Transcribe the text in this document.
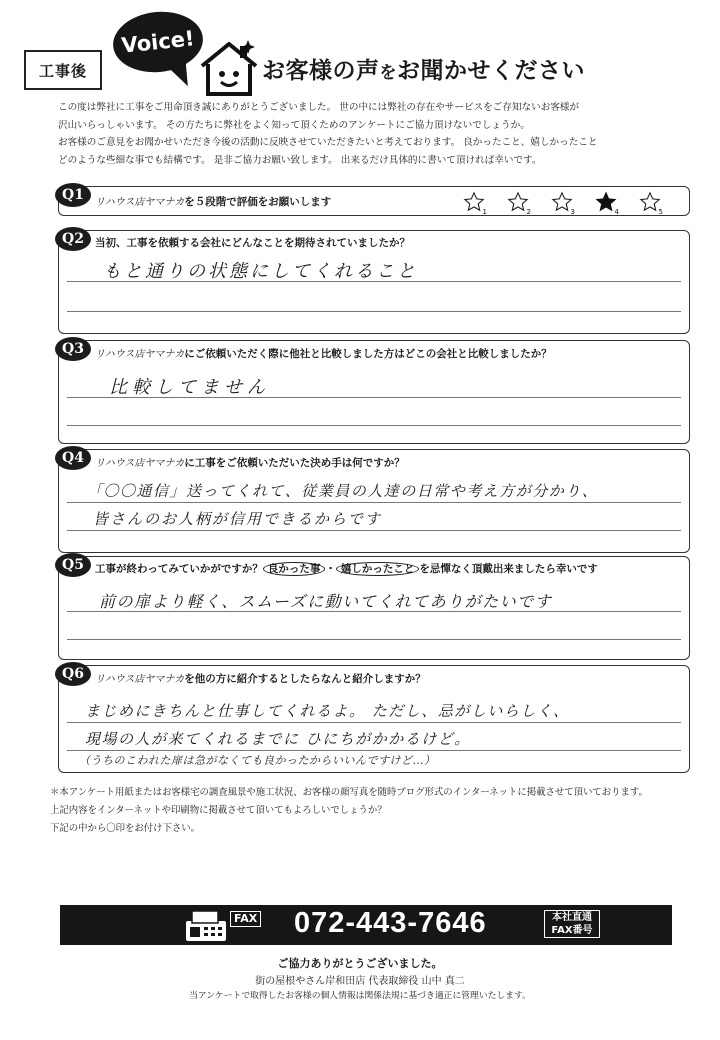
工事後
Voice!
お客様の声をお聞かせください

この度は弊社に工事をご用命頂き誠にありがとうございました。 世の中には弊社の存在やサービスをご存知ないお客様が

沢山いらっしゃいます。 その方たちに弊社をよく知って頂くためのアンケートにご協力頂けないでしょうか。

お客様のご意見をお聞かせいただき今後の活動に反映させていただきたいと考えております。 良かったこと、嬉しかったこと

どのような些細な事でも結構です。 是非ご協力お願い致します。 出来るだけ具体的に書いて頂ければ幸いです。

Q1	リハウス店ヤマナカを５段階で評価をお願いします
1	2	3	4	5
Q2	当初、工事を依頼する会社にどんなことを期待されていましたか？
もと通りの状態にしてくれること
Q3	リハウス店ヤマナカにご依頼いただく際に他社と比較しました方はどこの会社と比較しましたか？
比較してません
Q4	リハウス店ヤマナカに工事をご依頼いただいた決め手は何ですか？
「〇〇通信」送ってくれて、従業員の人達の日常や考え方が分かり、
皆さんのお人柄が信用できるからです
Q5	工事が終わってみていかがですか？ 良かった事 ・ 嬉しかったこと を忌憚なく頂戴出来ましたら幸いです
前の扉より軽く、スムーズに動いてくれてありがたいです
Q6	リハウス店ヤマナカを他の方に紹介するとしたらなんと紹介しますか？
まじめにきちんと仕事してくれるよ。 ただし、忌がしいらしく、
現場の人が来てくれるまでに ひにちがかかるけど。
（うちのこわれた扉は急がなくても良かったからいいんですけど…）

＊本アンケート用紙またはお客様宅の調査風景や施工状況、お客様の顔写真を随時ブログ形式のインターネットに掲載させて頂いております。

上記内容をインターネットや印刷物に掲載させて頂いてもよろしいでしょうか？

下記の中から〇印をお付け下さい。

FAX 072-443-7646	本社直通
FAX番号
ご協力ありがとうございました。
街の屋根やさん岸和田店 代表取締役 山中 真二
当アンケートで取得したお客様の個人情報は関係法規に基づき適正に管理いたします。
